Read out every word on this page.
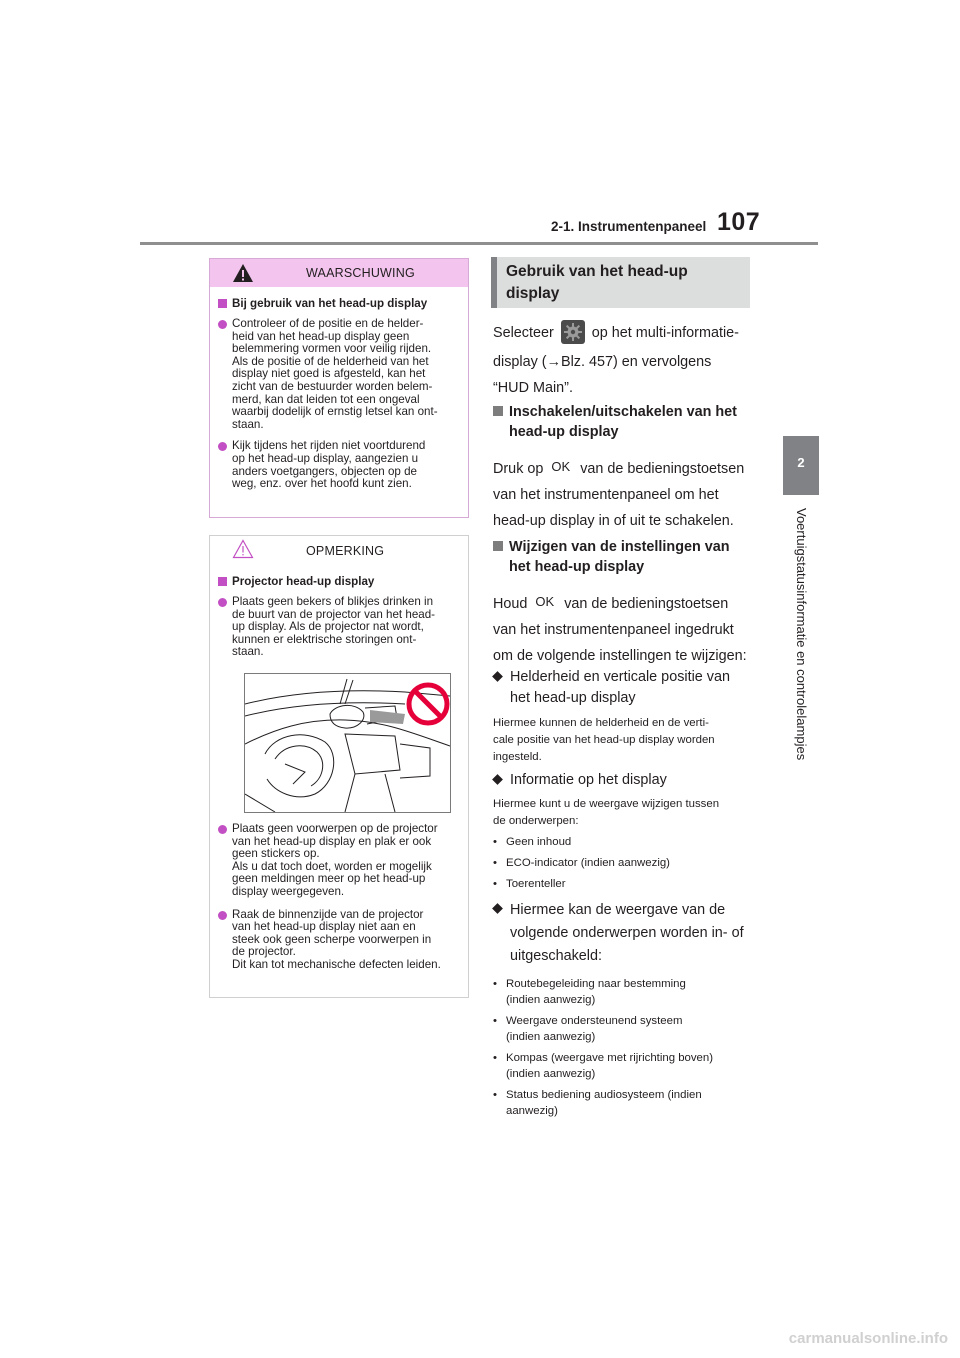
2-1. Instrumentenpaneel 107
2
Voertuigstatusinformatie en controlelampjes
WAARSCHUWING
Bij gebruik van het head-up display

Controleer of de positie en de helder-
heid van het head-up display geen
belemmering vormen voor veilig rijden.
Als de positie of de helderheid van het
display niet goed is afgesteld, kan het
zicht van de bestuurder worden belem-
merd, kan dat leiden tot een ongeval
waarbij dodelijk of ernstig letsel kan ont-
staan.

Kijk tijdens het rijden niet voortdurend
op het head-up display, aangezien u
anders voetgangers, objecten op de
weg, enz. over het hoofd kunt zien.

OPMERKING
Projector head-up display

Plaats geen bekers of blikjes drinken in
de buurt van de projector van het head-
up display. Als de projector nat wordt,
kunnen er elektrische storingen ont-
staan.

Plaats geen voorwerpen op de projector
van het head-up display en plak er ook
geen stickers op.
Als u dat toch doet, worden er mogelijk
geen meldingen meer op het head-up
display weergegeven.

Raak de binnenzijde van de projector
van het head-up display niet aan en
steek ook geen scherpe voorwerpen in
de projector.
Dit kan tot mechanische defecten leiden.

Gebruik van het head-up
display
Selecteer	op het multi-informatie-
display (→Blz. 457) en vervolgens
“HUD Main”.
Inschakelen/uitschakelen van het
head-up display
Druk op OK van de bedieningstoetsen
van het instrumentenpaneel om het
head-up display in of uit te schakelen.
Wijzigen van de instellingen van
het head-up display
Houd OK van de bedieningstoetsen
van het instrumentenpaneel ingedrukt
om de volgende instellingen te wijzigen:
Helderheid en verticale positie van
het head-up display
Hiermee kunnen de helderheid en de verti-
cale positie van het head-up display worden
ingesteld.
Informatie op het display
Hiermee kunt u de weergave wijzigen tussen
de onderwerpen:
• Geen inhoud
• ECO-indicator (indien aanwezig)
• Toerenteller
Hiermee kan de weergave van de
volgende onderwerpen worden in- of
uitgeschakeld:
• Routebegeleiding naar bestemming
(indien aanwezig)
• Weergave ondersteunend systeem
(indien aanwezig)
• Kompas (weergave met rijrichting boven)
(indien aanwezig)
• Status bediening audiosysteem (indien
aanwezig)
carmanualsonline.info
